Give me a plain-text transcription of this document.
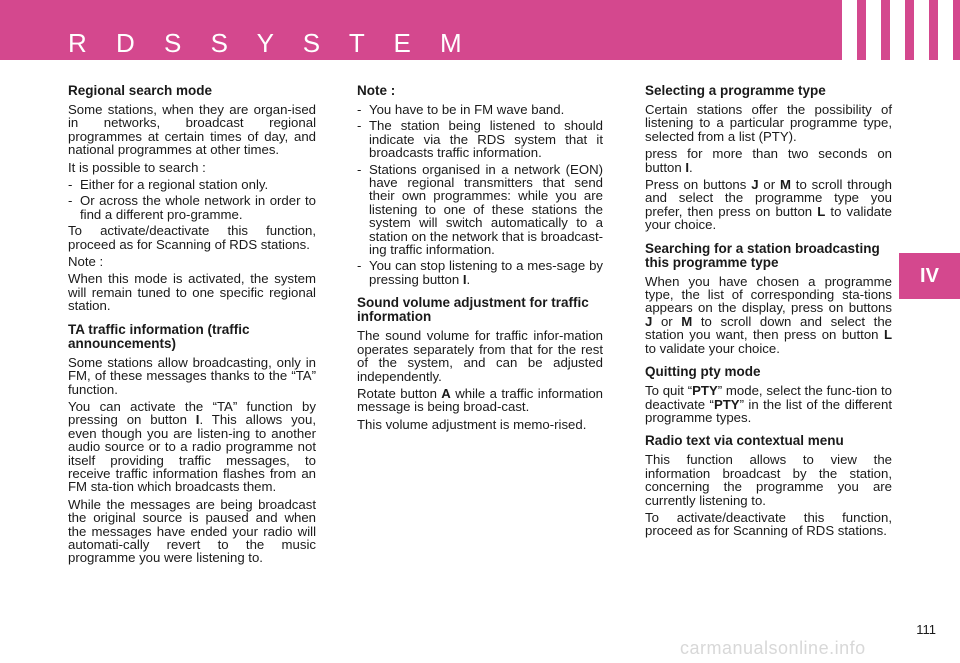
R D S S Y S T E M
IV
Regional search mode

Some stations, when they are organ-ised in networks, broadcast regional programmes at certain times of day, and national programmes at other times.

It is possible to search :

- Either for a regional station only.
- Or across the whole network in order to find a different pro-gramme.

To activate/deactivate this function, proceed as for Scanning of RDS stations.

Note :

When this mode is activated, the system will remain tuned to one specific regional station.

TA traffic information (traffic announcements)

Some stations allow broadcasting, only in FM, of these messages thanks to the “TA” function.

You can activate the “TA” function by pressing on button I. This allows you, even though you are listen-ing to another audio source or to a radio programme not itself providing traffic messages, to receive traffic information flashes from an FM sta-tion which broadcasts them.

While the messages are being broadcast the original source is paused and when the messages have ended your radio will automati-cally revert to the music programme you were listening to.

Note :
- You have to be in FM wave band.
- The station being listened to should indicate via the RDS system that it broadcasts traffic information.
- Stations organised in a network (EON) have regional transmitters that send their own programmes: while you are listening to one of these stations the system will switch automatically to a station on the network that is broadcast-ing traffic information.
- You can stop listening to a mes-sage by pressing button I.
Sound volume adjustment for traffic information

The sound volume for traffic infor-mation operates separately from that for the rest of the system, and can be adjusted independently.

Rotate button A while a traffic information message is being broad-cast.

This volume adjustment is memo-rised.

Selecting a programme type

Certain stations offer the possibility of listening to a particular programme type, selected from a list (PTY).

press for more than two seconds on button I.

Press on buttons J or M to scroll through and select the programme type you prefer, then press on button L to validate your choice.

Searching for a station broadcasting this programme type

When you have chosen a programme type, the list of corresponding sta-tions appears on the display, press on buttons J or M to scroll down and select the station you want, then press on button L to validate your choice.

Quitting pty mode

To quit “PTY” mode, select the func-tion to deactivate “PTY” in the list of the different programme types.

Radio text via contextual menu

This function allows to view the information broadcast by the station, concerning the programme you are currently listening to.

To activate/deactivate this function, proceed as for Scanning of RDS stations.

111
carmanualsonline.info
